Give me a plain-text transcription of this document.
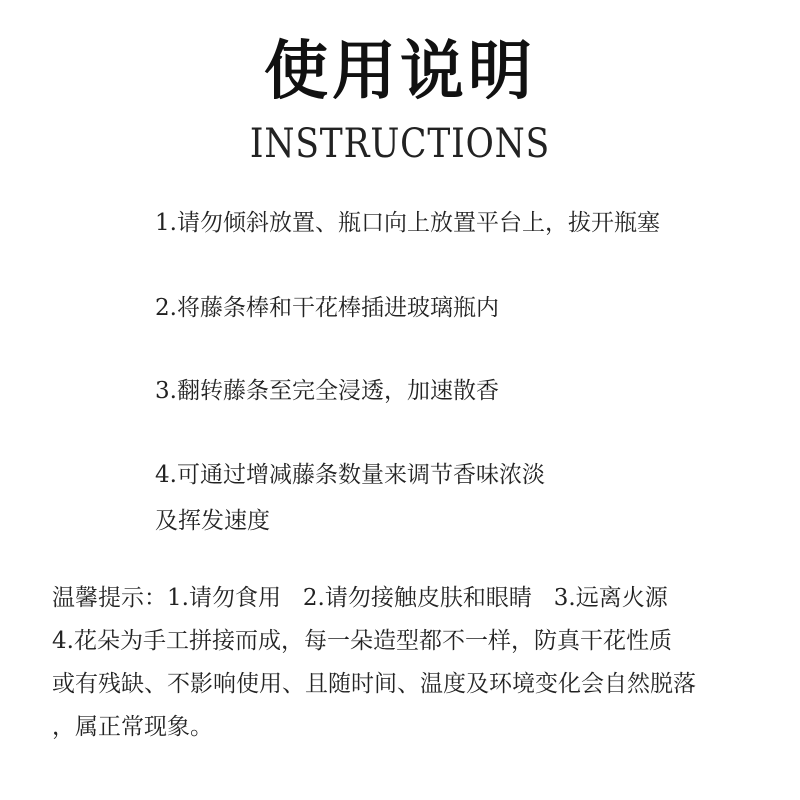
使用说明
INSTRUCTIONS
1.请勿倾斜放置、瓶口向上放置平台上，拔开瓶塞
2.将藤条棒和干花棒插进玻璃瓶内
3.翻转藤条至完全浸透，加速散香
4.可通过增减藤条数量来调节香味浓淡
及挥发速度
温馨提示：1.请勿食用   2.请勿接触皮肤和眼睛   3.远离火源
4.花朵为手工拼接而成，每一朵造型都不一样，防真干花性质
或有残缺、不影响使用、且随时间、温度及环境变化会自然脱落
，属正常现象。
